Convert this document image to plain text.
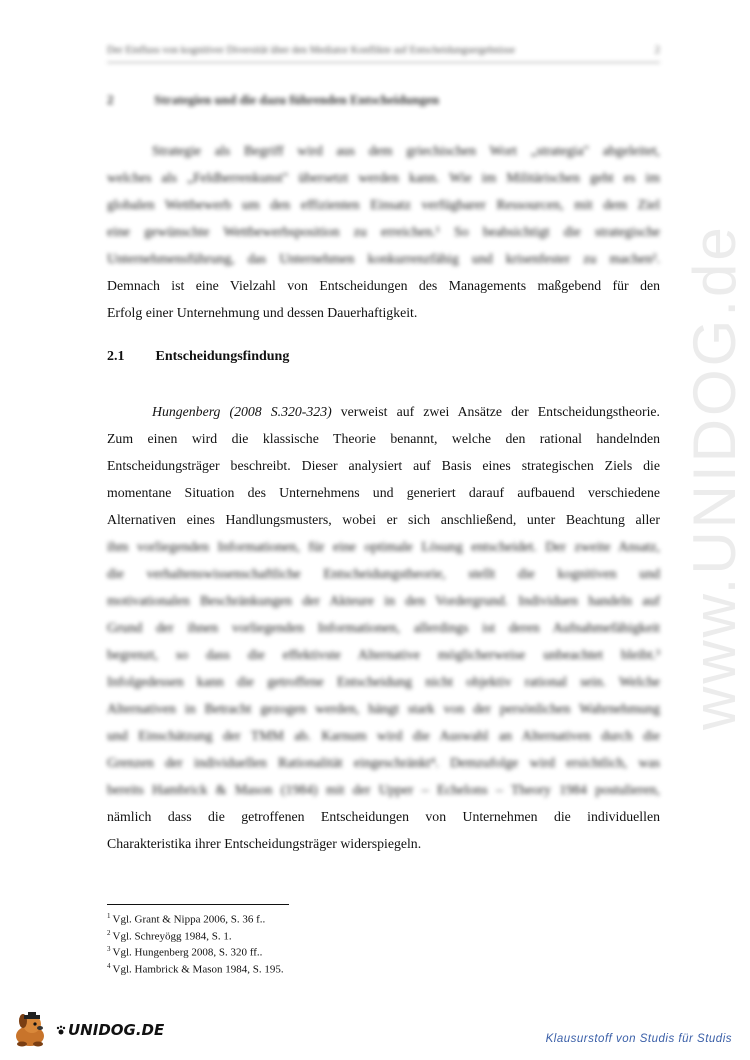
www.UNIDOG.de
Der Einfluss von kognitiver Diversität über den Mediator Konflikte auf Entscheidungsergebnisse	2
2	Strategien und die dazu führenden Entscheidungen
Strategie als Begriff wird aus dem griechischen Wort „strategia" abgeleitet,
welches als „Feldherrenkunst" übersetzt werden kann. Wie im Militärischen geht es im
globalen Wettbewerb um den effizienten Einsatz verfügbarer Ressourcen, mit dem Ziel
eine gewünschte Wettbewerbsposition zu erreichen.¹ So beabsichtigt die strategische
Unternehmensführung, das Unternehmen konkurrenzfähig und krisenfester zu machen².
Demnach ist eine Vielzahl von Entscheidungen des Managements maßgebend für den
Erfolg einer Unternehmung und dessen Dauerhaftigkeit.
2.1 Entscheidungsfindung
Hungenberg (2008 S.320-323) verweist auf zwei Ansätze der Entscheidungstheorie.
Zum einen wird die klassische Theorie benannt, welche den rational handelnden
Entscheidungsträger beschreibt. Dieser analysiert auf Basis eines strategischen Ziels die
momentane Situation des Unternehmens und generiert darauf aufbauend verschiedene
Alternativen eines Handlungsmusters, wobei er sich anschließend, unter Beachtung aller
ihm vorliegenden Informationen, für eine optimale Lösung entscheidet. Der zweite Ansatz,
die verhaltenswissenschaftliche Entscheidungstheorie, stellt die kognitiven und
motivationalen Beschränkungen der Akteure in den Vordergrund. Individuen handeln auf
Grund der ihnen vorliegenden Informationen, allerdings ist deren Aufnahmefähigkeit
begrenzt, so dass die effektivste Alternative möglicherweise unbeachtet bleibt.³
Infolgedessen kann die getroffene Entscheidung nicht objektiv rational sein. Welche
Alternativen in Betracht gezogen werden, hängt stark von der persönlichen Wahrnehmung
und Einschätzung der TMM ab. Karnum wird die Auswahl an Alternativen durch die
Grenzen der individuellen Rationalität eingeschränkt⁴. Demzufolge wird ersichtlich, was
bereits Hambrick & Mason (1984) mit der Upper – Echelons – Theory 1984 postulieren,
nämlich dass die getroffenen Entscheidungen von Unternehmen die individuellen
Charakteristika ihrer Entscheidungsträger widerspiegeln.
$^1$ Vgl. Grant & Nippa 2006, S. 36 f..
$^2$ Vgl. Schreyögg 1984, S. 1.
$^3$ Vgl. Hungenberg 2008, S. 320 ff..
$^4$ Vgl. Hambrick & Mason 1984, S. 195.
UNIDOG.DE	Klausurstoff von Studis für Studis
